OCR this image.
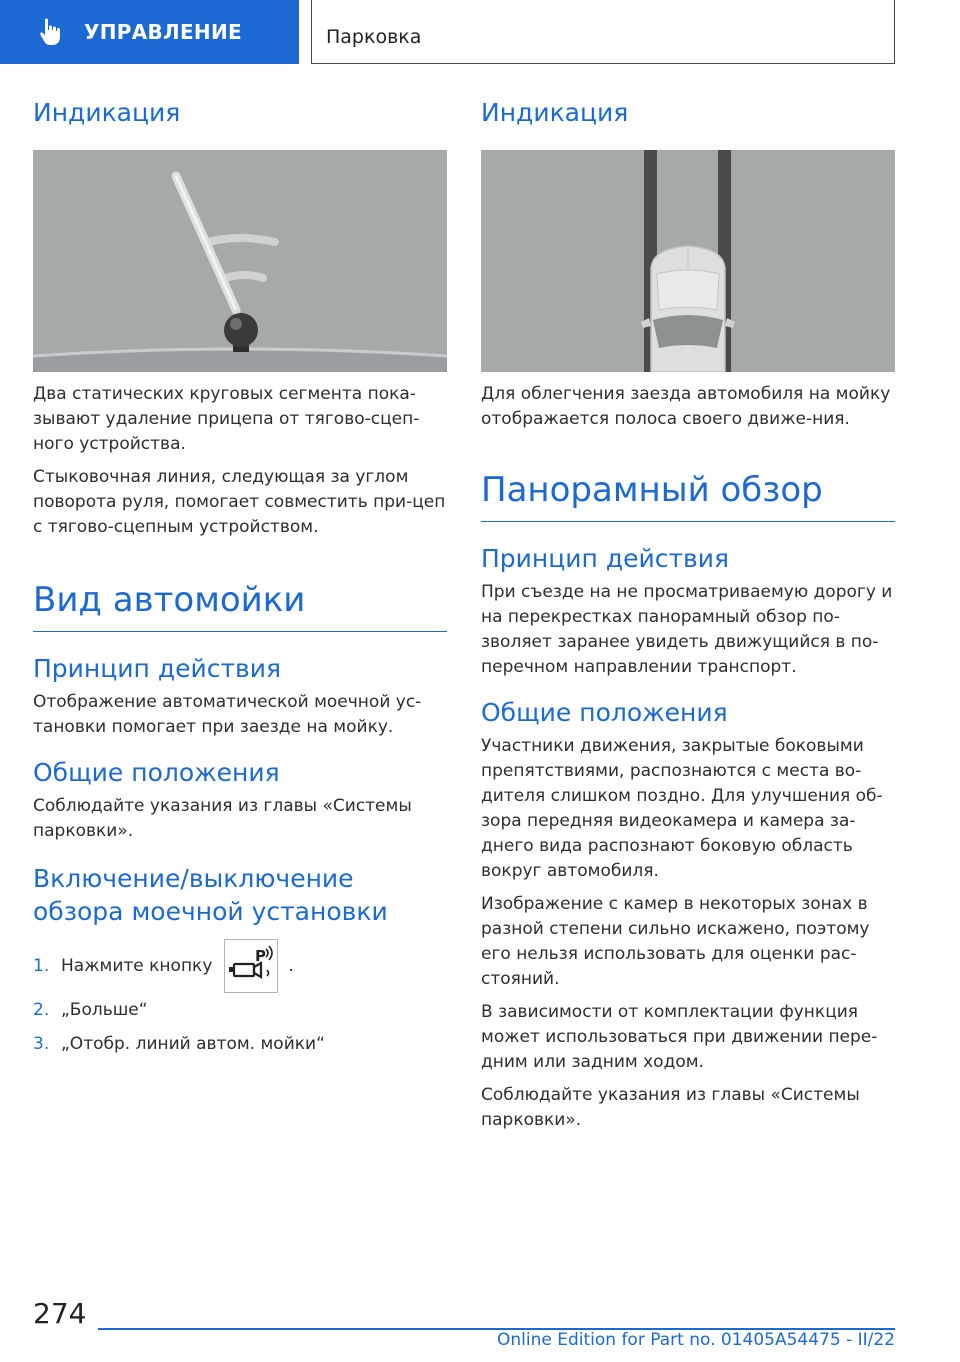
УПРАВЛЕНИЕ	Парковка
Индикация

Два статических круговых сегмента пока-зывают удаление прицепа от тягово-сцеп-ного устройства.

Стыковочная линия, следующая за углом поворота руля, помогает совместить при-цеп с тягово-сцепным устройством.

Вид автомойки
Принцип действия

Отображение автоматической моечной ус-тановки помогает при заезде на мойку.

Общие положения

Соблюдайте указания из главы «Системы парковки».

Включение/выключение обзора моечной установки
1. Нажмите кнопку	P .
2. „Больше“
3. „Отобр. линий автом. мойки“
Индикация

Для облегчения заезда автомобиля на мойку отображается полоса своего движе-ния.

Панорамный обзор
Принцип действия

При съезде на не просматриваемую дорогу и на перекрестках панорамный обзор по-зволяет заранее увидеть движущийся в по-перечном направлении транспорт.

Общие положения

Участники движения, закрытые боковыми препятствиями, распознаются с места во-дителя слишком поздно. Для улучшения об-зора передняя видеокамера и камера за-днего вида распознают боковую область вокруг автомобиля.

Изображение с камер в некоторых зонах в разной степени сильно искажено, поэтому его нельзя использовать для оценки рас-стояний.

В зависимости от комплектации функция может использоваться при движении пере-дним или задним ходом.

Соблюдайте указания из главы «Системы парковки».

274
Online Edition for Part no. 01405A54475 - II/22
